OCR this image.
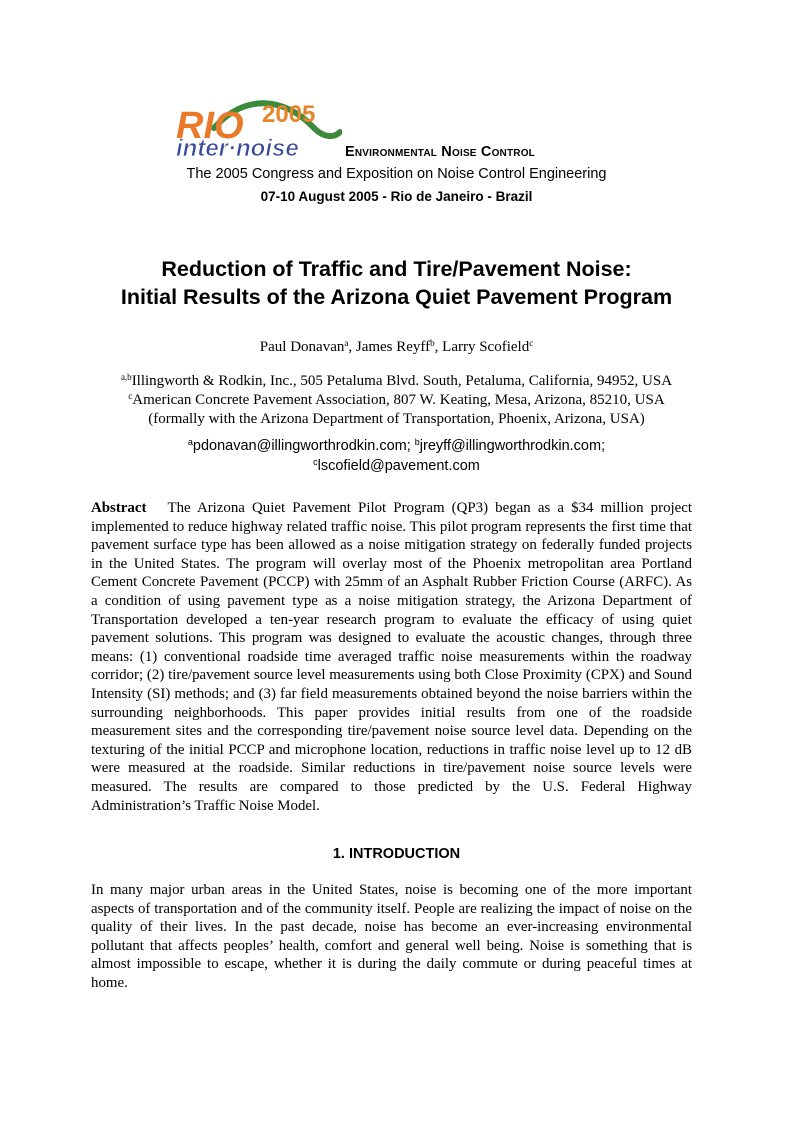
RIO 2005
inter·noise	Environmental Noise Control
The 2005 Congress and Exposition on Noise Control Engineering
07-10 August 2005 - Rio de Janeiro - Brazil
Reduction of Traffic and Tire/Pavement Noise:
Initial Results of the Arizona Quiet Pavement Program
Paul Donavan$^a$, James Reyff$^b$, Larry Scofield$^c$
$^{a,b}$Illingworth & Rodkin, Inc., 505 Petaluma Blvd. South, Petaluma, California, 94952, USA
$^c$American Concrete Pavement Association, 807 W. Keating, Mesa, Arizona, 85210, USA
(formally with the Arizona Department of Transportation, Phoenix, Arizona, USA)
$^a$pdonavan@illingworthrodkin.com; $^b$jreyff@illingworthrodkin.com;
$^c$lscofield@pavement.com
Abstract The Arizona Quiet Pavement Pilot Program (QP3) began as a $34 million project implemented to reduce highway related traffic noise. This pilot program represents the first time that pavement surface type has been allowed as a noise mitigation strategy on federally funded projects in the United States. The program will overlay most of the Phoenix metropolitan area Portland Cement Concrete Pavement (PCCP) with 25mm of an Asphalt Rubber Friction Course (ARFC). As a condition of using pavement type as a noise mitigation strategy, the Arizona Department of Transportation developed a ten-year research program to evaluate the efficacy of using quiet pavement solutions. This program was designed to evaluate the acoustic changes, through three means: (1) conventional roadside time averaged traffic noise measurements within the roadway corridor; (2) tire/pavement source level measurements using both Close Proximity (CPX) and Sound Intensity (SI) methods; and (3) far field measurements obtained beyond the noise barriers within the surrounding neighborhoods. This paper provides initial results from one of the roadside measurement sites and the corresponding tire/pavement noise source level data. Depending on the texturing of the initial PCCP and microphone location, reductions in traffic noise level up to 12 dB were measured at the roadside. Similar reductions in tire/pavement noise source levels were measured. The results are compared to those predicted by the U.S. Federal Highway Administration’s Traffic Noise Model.
1. INTRODUCTION
In many major urban areas in the United States, noise is becoming one of the more important aspects of transportation and of the community itself. People are realizing the impact of noise on the quality of their lives. In the past decade, noise has become an ever-increasing environmental pollutant that affects peoples’ health, comfort and general well being. Noise is something that is almost impossible to escape, whether it is during the daily commute or during peaceful times at home.
